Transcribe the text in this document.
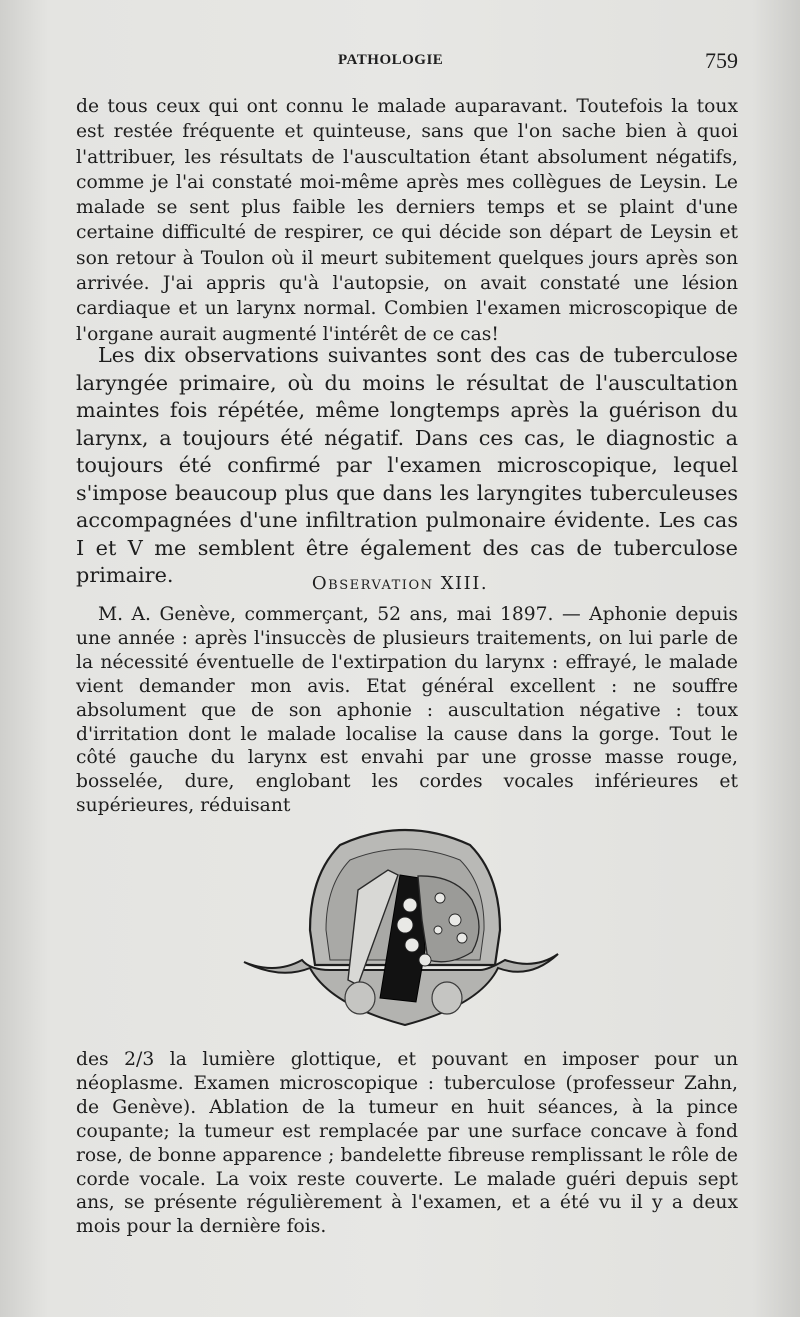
PATHOLOGIE	759

de tous ceux qui ont connu le malade auparavant. Toutefois la toux est restée fréquente et quinteuse, sans que l'on sache bien à quoi l'attribuer, les résultats de l'auscultation étant absolument négatifs, comme je l'ai constaté moi-même après mes collègues de Leysin. Le malade se sent plus faible les derniers temps et se plaint d'une certaine difficulté de respirer, ce qui décide son départ de Leysin et son retour à Toulon où il meurt subitement quelques jours après son arrivée. J'ai appris qu'à l'autopsie, on avait constaté une lésion cardiaque et un larynx normal. Combien l'examen microscopique de l'organe aurait augmenté l'intérêt de ce cas!

Les dix observations suivantes sont des cas de tuberculose laryngée primaire, où du moins le résultat de l'auscultation maintes fois répétée, même longtemps après la guérison du larynx, a toujours été négatif. Dans ces cas, le diagnostic a toujours été confirmé par l'examen microscopique, lequel s'impose beaucoup plus que dans les laryngites tuberculeuses accompagnées d'une infiltration pulmonaire évidente. Les cas I et V me semblent être également des cas de tuberculose primaire.	Observation XIII.

M. A. Genève, commerçant, 52 ans, mai 1897. — Aphonie depuis une année : après l'insuccès de plusieurs traitements, on lui parle de la nécessité éventuelle de l'extirpation du larynx : effrayé, le malade vient demander mon avis. Etat général excellent : ne souffre absolument que de son aphonie : auscultation négative : toux d'irritation dont le malade localise la cause dans la gorge. Tout le côté gauche du larynx est envahi par une grosse masse rouge, bosselée, dure, englobant les cordes vocales inférieures et supérieures, réduisant

des 2/3 la lumière glottique, et pouvant en imposer pour un néoplasme. Examen microscopique : tuberculose (professeur Zahn, de Genève). Ablation de la tumeur en huit séances, à la pince coupante; la tumeur est remplacée par une surface concave à fond rose, de bonne apparence ; bandelette fibreuse remplissant le rôle de corde vocale. La voix reste couverte. Le malade guéri depuis sept ans, se présente régulièrement à l'examen, et a été vu il y a deux mois pour la dernière fois.
